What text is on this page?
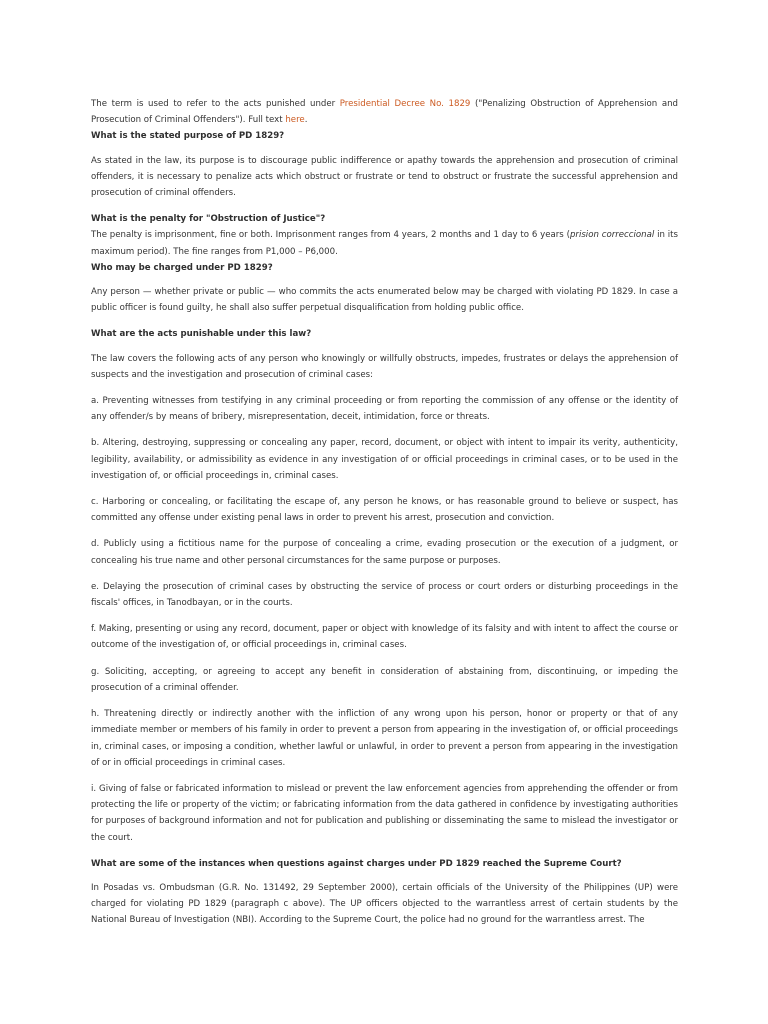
The term is used to refer to the acts punished under Presidential Decree No. 1829 ("Penalizing Obstruction of Apprehension and Prosecution of Criminal Offenders"). Full text here.

What is the stated purpose of PD 1829?

As stated in the law, its purpose is to discourage public indifference or apathy towards the apprehension and prosecution of criminal offenders, it is necessary to penalize acts which obstruct or frustrate or tend to obstruct or frustrate the successful apprehension and prosecution of criminal offenders.

What is the penalty for "Obstruction of Justice"?

The penalty is imprisonment, fine or both. Imprisonment ranges from 4 years, 2 months and 1 day to 6 years (prision correccional in its maximum period). The fine ranges from P1,000 – P6,000.

Who may be charged under PD 1829?

Any person — whether private or public — who commits the acts enumerated below may be charged with violating PD 1829. In case a public officer is found guilty, he shall also suffer perpetual disqualification from holding public office.

What are the acts punishable under this law?

The law covers the following acts of any person who knowingly or willfully obstructs, impedes, frustrates or delays the apprehension of suspects and the investigation and prosecution of criminal cases:

a. Preventing witnesses from testifying in any criminal proceeding or from reporting the commission of any offense or the identity of any offender/s by means of bribery, misrepresentation, deceit, intimidation, force or threats.

b. Altering, destroying, suppressing or concealing any paper, record, document, or object with intent to impair its verity, authenticity, legibility, availability, or admissibility as evidence in any investigation of or official proceedings in criminal cases, or to be used in the investigation of, or official proceedings in, criminal cases.

c. Harboring or concealing, or facilitating the escape of, any person he knows, or has reasonable ground to believe or suspect, has committed any offense under existing penal laws in order to prevent his arrest, prosecution and conviction.

d. Publicly using a fictitious name for the purpose of concealing a crime, evading prosecution or the execution of a judgment, or concealing his true name and other personal circumstances for the same purpose or purposes.

e. Delaying the prosecution of criminal cases by obstructing the service of process or court orders or disturbing proceedings in the fiscals' offices, in Tanodbayan, or in the courts.

f. Making, presenting or using any record, document, paper or object with knowledge of its falsity and with intent to affect the course or outcome of the investigation of, or official proceedings in, criminal cases.

g. Soliciting, accepting, or agreeing to accept any benefit in consideration of abstaining from, discontinuing, or impeding the prosecution of a criminal offender.

h. Threatening directly or indirectly another with the infliction of any wrong upon his person, honor or property or that of any immediate member or members of his family in order to prevent a person from appearing in the investigation of, or official proceedings in, criminal cases, or imposing a condition, whether lawful or unlawful, in order to prevent a person from appearing in the investigation of or in official proceedings in criminal cases.

i. Giving of false or fabricated information to mislead or prevent the law enforcement agencies from apprehending the offender or from protecting the life or property of the victim; or fabricating information from the data gathered in confidence by investigating authorities for purposes of background information and not for publication and publishing or disseminating the same to mislead the investigator or the court.

What are some of the instances when questions against charges under PD 1829 reached the Supreme Court?

In Posadas vs. Ombudsman (G.R. No. 131492, 29 September 2000), certain officials of the University of the Philippines (UP) were charged for violating PD 1829 (paragraph c above). The UP officers objected to the warrantless arrest of certain students by the National Bureau of Investigation (NBI). According to the Supreme Court, the police had no ground for the warrantless arrest. The
